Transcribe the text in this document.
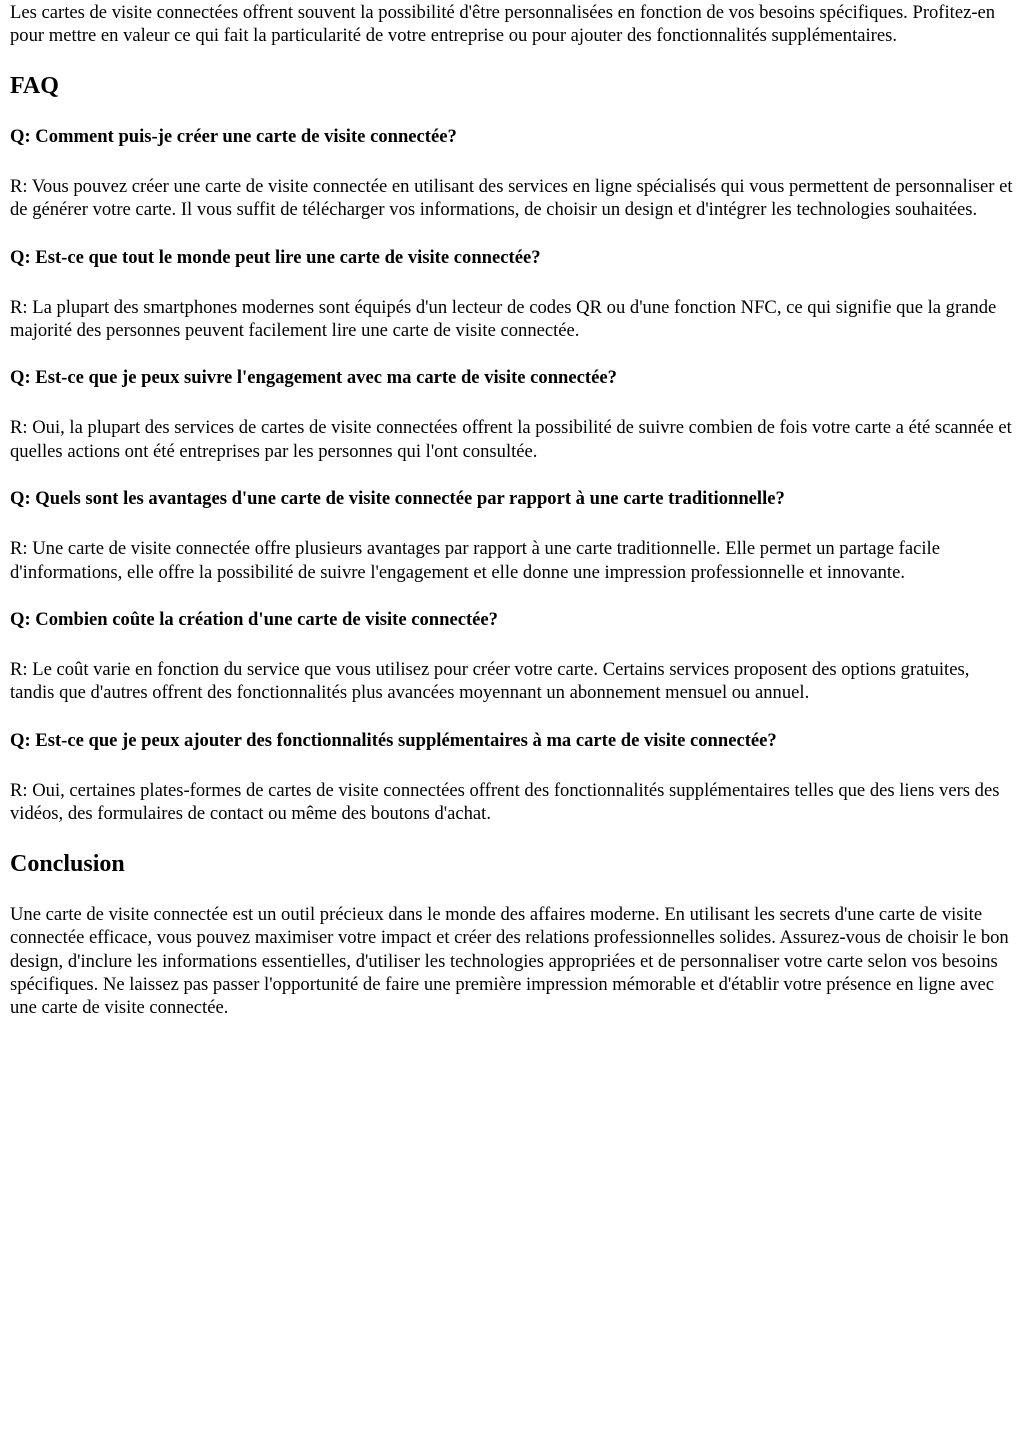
Les cartes de visite connectées offrent souvent la possibilité d'être personnalisées en fonction de vos besoins spécifiques. Profitez-en pour mettre en valeur ce qui fait la particularité de votre entreprise ou pour ajouter des fonctionnalités supplémentaires.

FAQ
Q: Comment puis-je créer une carte de visite connectée?

R: Vous pouvez créer une carte de visite connectée en utilisant des services en ligne spécialisés qui vous permettent de personnaliser et de générer votre carte. Il vous suffit de télécharger vos informations, de choisir un design et d'intégrer les technologies souhaitées.

Q: Est-ce que tout le monde peut lire une carte de visite connectée?

R: La plupart des smartphones modernes sont équipés d'un lecteur de codes QR ou d'une fonction NFC, ce qui signifie que la grande majorité des personnes peuvent facilement lire une carte de visite connectée.

Q: Est-ce que je peux suivre l'engagement avec ma carte de visite connectée?

R: Oui, la plupart des services de cartes de visite connectées offrent la possibilité de suivre combien de fois votre carte a été scannée et quelles actions ont été entreprises par les personnes qui l'ont consultée.

Q: Quels sont les avantages d'une carte de visite connectée par rapport à une carte traditionnelle?

R: Une carte de visite connectée offre plusieurs avantages par rapport à une carte traditionnelle. Elle permet un partage facile d'informations, elle offre la possibilité de suivre l'engagement et elle donne une impression professionnelle et innovante.

Q: Combien coûte la création d'une carte de visite connectée?

R: Le coût varie en fonction du service que vous utilisez pour créer votre carte. Certains services proposent des options gratuites, tandis que d'autres offrent des fonctionnalités plus avancées moyennant un abonnement mensuel ou annuel.

Q: Est-ce que je peux ajouter des fonctionnalités supplémentaires à ma carte de visite connectée?

R: Oui, certaines plates-formes de cartes de visite connectées offrent des fonctionnalités supplémentaires telles que des liens vers des vidéos, des formulaires de contact ou même des boutons d'achat.

Conclusion

Une carte de visite connectée est un outil précieux dans le monde des affaires moderne. En utilisant les secrets d'une carte de visite connectée efficace, vous pouvez maximiser votre impact et créer des relations professionnelles solides. Assurez-vous de choisir le bon design, d'inclure les informations essentielles, d'utiliser les technologies appropriées et de personnaliser votre carte selon vos besoins spécifiques. Ne laissez pas passer l'opportunité de faire une première impression mémorable et d'établir votre présence en ligne avec une carte de visite connectée.
